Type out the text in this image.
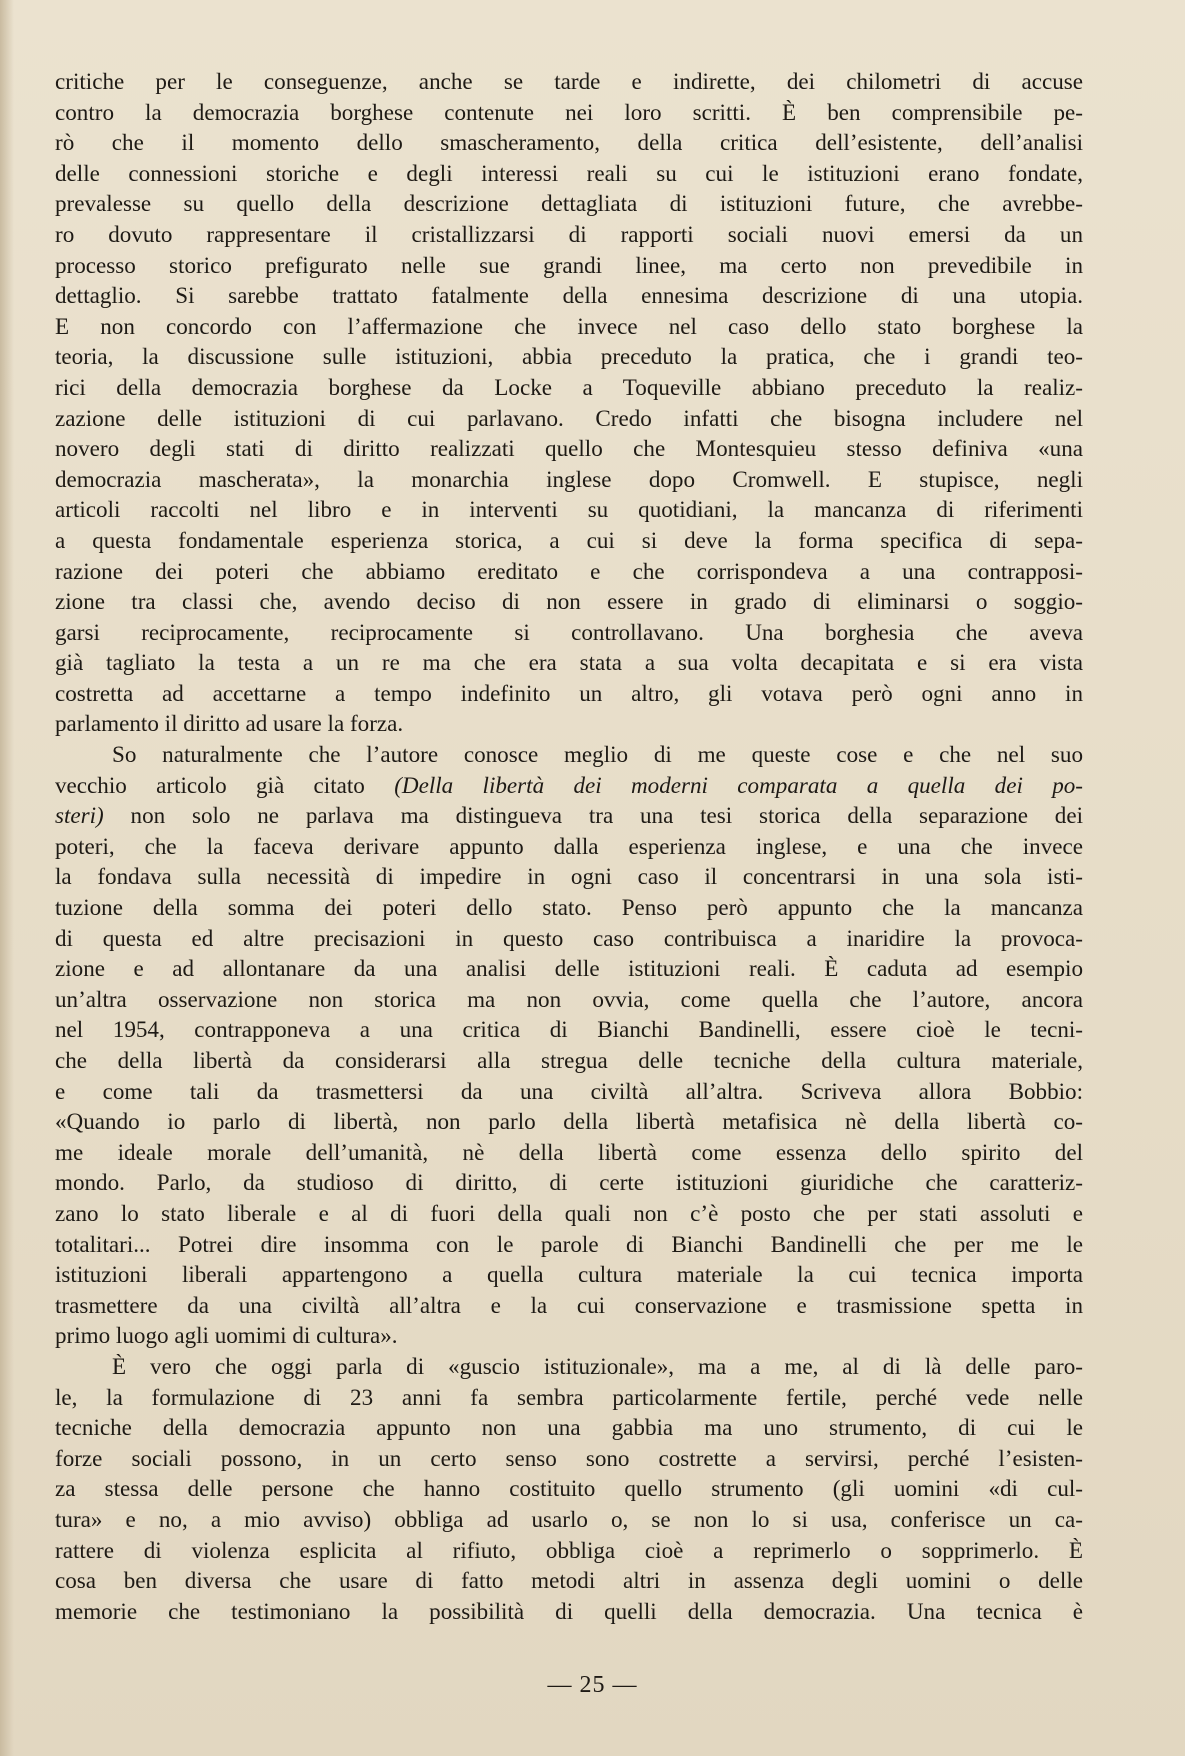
critiche per le conseguenze, anche se tarde e indirette, dei chilometri di accuse
contro la democrazia borghese contenute nei loro scritti. È ben comprensibile pe-
rò che il momento dello smascheramento, della critica dell’esistente, dell’analisi
delle connessioni storiche e degli interessi reali su cui le istituzioni erano fondate,
prevalesse su quello della descrizione dettagliata di istituzioni future, che avrebbe-
ro dovuto rappresentare il cristallizzarsi di rapporti sociali nuovi emersi da un
processo storico prefigurato nelle sue grandi linee, ma certo non prevedibile in
dettaglio. Si sarebbe trattato fatalmente della ennesima descrizione di una utopia.
E non concordo con l’affermazione che invece nel caso dello stato borghese la
teoria, la discussione sulle istituzioni, abbia preceduto la pratica, che i grandi teo-
rici della democrazia borghese da Locke a Toqueville abbiano preceduto la realiz-
zazione delle istituzioni di cui parlavano. Credo infatti che bisogna includere nel
novero degli stati di diritto realizzati quello che Montesquieu stesso definiva «una
democrazia mascherata», la monarchia inglese dopo Cromwell. E stupisce, negli
articoli raccolti nel libro e in interventi su quotidiani, la mancanza di riferimenti
a questa fondamentale esperienza storica, a cui si deve la forma specifica di sepa-
razione dei poteri che abbiamo ereditato e che corrispondeva a una contrapposi-
zione tra classi che, avendo deciso di non essere in grado di eliminarsi o soggio-
garsi reciprocamente, reciprocamente si controllavano. Una borghesia che aveva
già tagliato la testa a un re ma che era stata a sua volta decapitata e si era vista
costretta ad accettarne a tempo indefinito un altro, gli votava però ogni anno in
parlamento il diritto ad usare la forza.

So naturalmente che l’autore conosce meglio di me queste cose e che nel suo
vecchio articolo già citato (Della libertà dei moderni comparata a quella dei po-
steri) non solo ne parlava ma distingueva tra una tesi storica della separazione dei
poteri, che la faceva derivare appunto dalla esperienza inglese, e una che invece
la fondava sulla necessità di impedire in ogni caso il concentrarsi in una sola isti-
tuzione della somma dei poteri dello stato. Penso però appunto che la mancanza
di questa ed altre precisazioni in questo caso contribuisca a inaridire la provoca-
zione e ad allontanare da una analisi delle istituzioni reali. È caduta ad esempio
un’altra osservazione non storica ma non ovvia, come quella che l’autore, ancora
nel 1954, contrapponeva a una critica di Bianchi Bandinelli, essere cioè le tecni-
che della libertà da considerarsi alla stregua delle tecniche della cultura materiale,
e come tali da trasmettersi da una civiltà all’altra. Scriveva allora Bobbio:
«Quando io parlo di libertà, non parlo della libertà metafisica nè della libertà co-
me ideale morale dell’umanità, nè della libertà come essenza dello spirito del
mondo. Parlo, da studioso di diritto, di certe istituzioni giuridiche che caratteriz-
zano lo stato liberale e al di fuori della quali non c’è posto che per stati assoluti e
totalitari... Potrei dire insomma con le parole di Bianchi Bandinelli che per me le
istituzioni liberali appartengono a quella cultura materiale la cui tecnica importa
trasmettere da una civiltà all’altra e la cui conservazione e trasmissione spetta in
primo luogo agli uomimi di cultura».

È vero che oggi parla di «guscio istituzionale», ma a me, al di là delle paro-
le, la formulazione di 23 anni fa sembra particolarmente fertile, perché vede nelle
tecniche della democrazia appunto non una gabbia ma uno strumento, di cui le
forze sociali possono, in un certo senso sono costrette a servirsi, perché l’esisten-
za stessa delle persone che hanno costituito quello strumento (gli uomini «di cul-
tura» e no, a mio avviso) obbliga ad usarlo o, se non lo si usa, conferisce un ca-
rattere di violenza esplicita al rifiuto, obbliga cioè a reprimerlo o sopprimerlo. È
cosa ben diversa che usare di fatto metodi altri in assenza degli uomini o delle
memorie che testimoniano la possibilità di quelli della democrazia. Una tecnica è

— 25 —
